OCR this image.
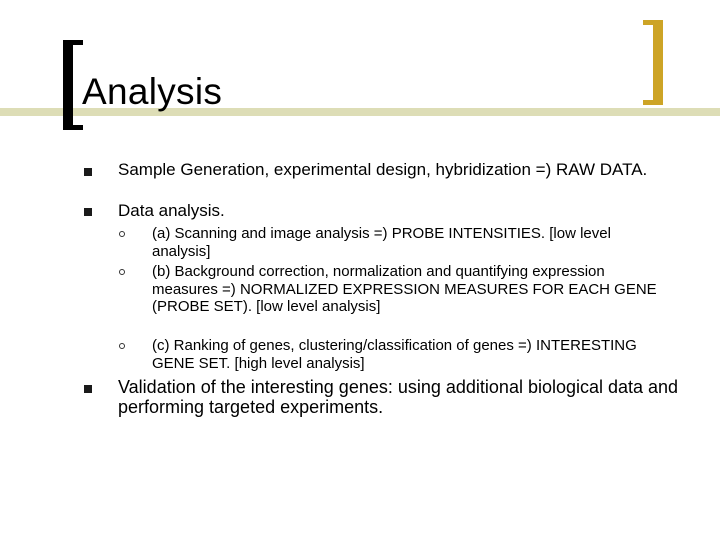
Analysis

Sample Generation, experimental design, hybridization =) RAW DATA.

Data analysis.

(a) Scanning and image analysis =) PROBE INTENSITIES. [low level analysis]

(b) Background correction, normalization and quantifying expression measures =) NORMALIZED EXPRESSION MEASURES FOR EACH GENE (PROBE SET). [low level analysis]

(c) Ranking of genes, clustering/classification of genes =) INTERESTING GENE SET. [high level analysis]

Validation of the interesting genes: using additional biological data and performing targeted experiments.
